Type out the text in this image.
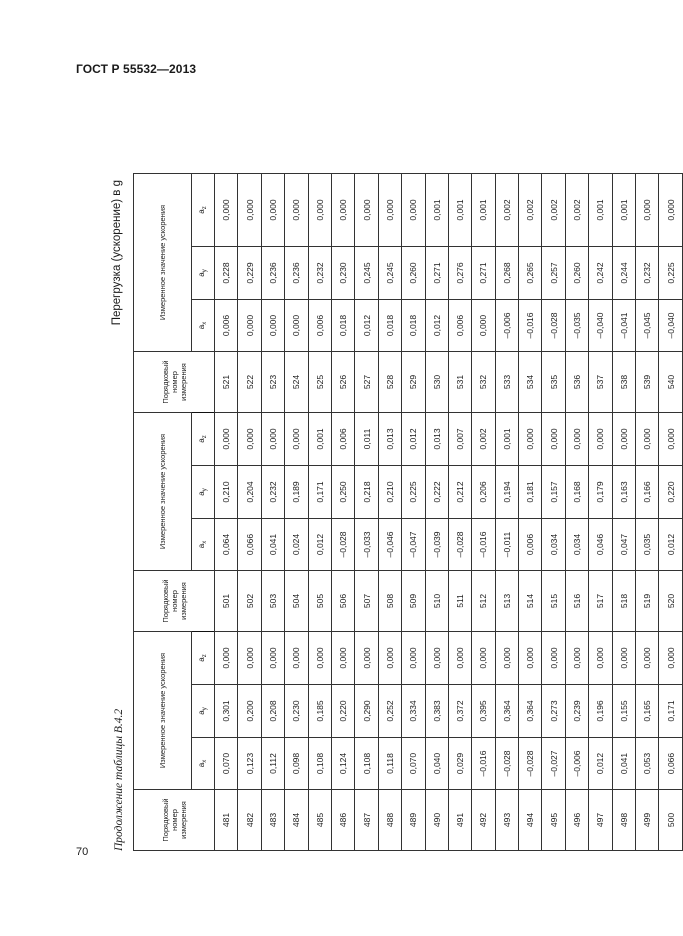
ГОСТ Р 55532—2013
Продолжение таблицы В.4.2
Перегрузка (ускорение) в g
Порядковый номер измерения	Измеренное значение ускорения			Порядковый номер измерения	Измеренное значение ускорения			Порядковый номер измерения	Измеренное значение ускорения		
	$a_x$	$a_y$	$a_z$		$a_x$	$a_y$	$a_z$		$a_x$	$a_y$	$a_z$
481	0,070	0,301	0,000	501	0,064	0,210	0,000	521	0,006	0,228	0,000
482	0,123	0,200	0,000	502	0,066	0,204	0,000	522	0,000	0,229	0,000
483	0,112	0,208	0,000	503	0,041	0,232	0,000	523	0,000	0,236	0,000
484	0,098	0,230	0,000	504	0,024	0,189	0,000	524	0,000	0,236	0,000
485	0,108	0,185	0,000	505	0,012	0,171	0,001	525	0,006	0,232	0,000
486	0,124	0,220	0,000	506	–0,028	0,250	0,006	526	0,018	0,230	0,000
487	0,108	0,290	0,000	507	–0,033	0,218	0,011	527	0,012	0,245	0,000
488	0,118	0,252	0,000	508	–0,046	0,210	0,013	528	0,018	0,245	0,000
489	0,070	0,334	0,000	509	–0,047	0,225	0,012	529	0,018	0,260	0,000
490	0,040	0,383	0,000	510	–0,039	0,222	0,013	530	0,012	0,271	0,001
491	0,029	0,372	0,000	511	–0,028	0,212	0,007	531	0,006	0,276	0,001
492	–0,016	0,395	0,000	512	–0,016	0,206	0,002	532	0,000	0,271	0,001
493	–0,028	0,364	0,000	513	–0,011	0,194	0,001	533	–0,006	0,268	0,002
494	–0,028	0,364	0,000	514	0,006	0,181	0,000	534	–0,016	0,265	0,002
495	–0,027	0,273	0,000	515	0,034	0,157	0,000	535	–0,028	0,257	0,002
496	–0,006	0,239	0,000	516	0,034	0,168	0,000	536	–0,035	0,260	0,002
497	0,012	0,196	0,000	517	0,046	0,179	0,000	537	–0,040	0,242	0,001
498	0,041	0,155	0,000	518	0,047	0,163	0,000	538	–0,041	0,244	0,001
499	0,053	0,165	0,000	519	0,035	0,166	0,000	539	–0,045	0,232	0,000
500	0,066	0,171	0,000	520	0,012	0,220	0,000	540	–0,040	0,225	0,000
70
